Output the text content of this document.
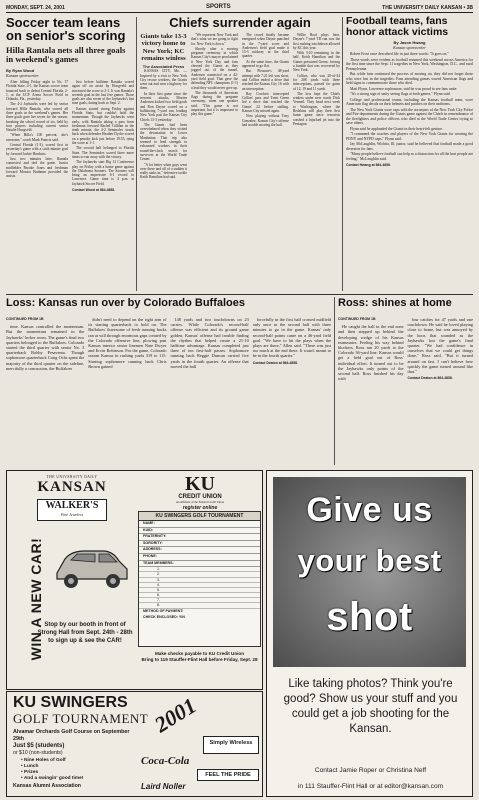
MONDAY, SEPT. 24, 2001	SPORTS	THE UNIVERSITY DAILY KANSAN • 3B
Soccer team leans on senior's scoring
Hilla Rantala nets all three goals in weekend's games
By Ryan Wood
Kansan sportswriter

After falling Friday night to No. 17 Florida State, 4-1, the Kansas soccer team bounced back to defeat Central Florida, 2-1, at the UCF Arena Soccer Field in Orlando, Fla., yesterday.

The 4-2 Jayhawks were led by senior forward Hilla Rantala, who scored all three goals in the weekend's games. Her three goals gave her seven for the season, breaking the school record of six, held by four players including current senior Natalie Hoogveld.

"When Hilla's 100 percent, she's awesome," coach Mark Francis said.

Central Florida (1-3), scored first in yesterday's game with a sixth minute goal by forward Jackie Hawkins.

Just two minutes later, Rantala connected and tied the game. Junior midfielder Brooke Jones and freshman forward Monica Bruhmm provided the assists.

Just before halftime Rantala scored again off an assist by Hoogveld and increased the score to 2-1. It was Rantala's seventh goal in the last five games. Those goals are also seven of the Jayhawks's last nine goals, dating back to Sept. 2.

Kansas started strong Friday against Florida State, but couldn't hold the momentum. Though the Jayhawks went early, with Rantala taking a pass from freshman forward Rachel Gillilan in the tenth minute, the 4-2 Seminoles struck back when defender Heather Dyche scored on a penalty kick just before 19:53, tying the score at 1-1.

The second half belonged to Florida State. The Seminoles scored three more times to run away with the victory.

The Jayhawks start Big 12 Conference play on Friday with a home game against the Oklahoma Sooners. The Sooners will bring an impressive 6-1 record to Lawrence. Game time is 4 p.m. at Jayhawk Soccer Field.

Contact Wood at 864-4858.
Chiefs surrender again
Giants take 13-3 victory home to New York; KC remains winless
The Associated Press

KANSAS CITY, Mo. — Inspired by a visit to New York City rescue workers, the Giants went out and won a highway for them.

In their first game since the terrorist attacks, Morten Andersen kicked two field goals and Ron Dayne scored on a bulldozing 7-yard run, leading New York past the Kansas City Chiefs 13-3 yesterday.

The Giants had been overwhelmed when they visited the devastation in Lower Manhattan. That trip also seemed to lend strength to exhausted workers in their round-the-clock search for survivors at the World Trade Center.

"A lot better when guys went over there and all of a sudden it really sinks in," defensive tackle Keith Hamilton had said.

"We represent New York and that's what we are going to fight for. New York is down."

Shortly after a moving pregame ceremony in which Kansas City's mayor proclaimed it New York Day and fans cheered the Giants as they jogged out of the tunnel, Andersen connected on a 42-yard field goal. That gave the defending NFC champions (1-1) a lead they would never give up.

The thousands of American flags during the pregame ceremony, when one speaker said, "This game is not important, but it is important to play this game."

The crowd finally became energized when Dayne punched in the 7-yard score and Andersen's field goal made it 13-3 midway in the third quarter.

At the same time, the Giants appeared to go flat.

But Pleasure's 48-yard attempt with 7:21 left was short, and Collins ended a drive that reached the Kansas City 16 with an interception.

Ray Crockett intercepted Collins' pass and Trent Green led a drive that reached the Giants' 22 before stalling. Kansas City missed again.

Now playing without Tony Gonzalez, Kansas City's offense had trouble moving the ball.

Willie Roaf plays later, Dayne's 7-yard TD run was the first rushing touchdown allowed by KC this year.

With 3:10 remaining in the half, Keith Hamilton and the Giants pressured Green, forcing a fumble that was recovered by New York.

Collins, who was 20-of-34 for 208 yards with three interceptions, passed for gains of 12, 19 and 11 yards.

The loss kept the Chiefs winless under new coach Dick Vermeil. They head next week to Washington, where the Redskins will play their first home game since terrorists crashed a hijacked jet into the Pentagon.

Football teams, fans honor attack victims
By Jason Hwang
Kansan sportswriter

Robert Frost once described life in just three words: "It goes on."

Those words were evident as football resumed this weekend across America for the first time since the Sept. 11 tragedies in New York, Washington, D.C., and rural Pennsylvania.

But while fans continued the process of moving on, they did not forget those who were lost in the tragedies. Fans attending games waved American flags and held signs to commemorate those who died.

Matt Flynn, Lawrence sophomore, said he was proud to see fans unite.

"It's a strong sign of unity seeing flags at both games," Flynn said.

College and professional teams, including the Kansas football team, wore American flag decals on their helmets and patches on their uniforms.

The New York Giants wore caps with the acronyms of the New York City Police and Fire departments during the Giants game against the Chiefs in remembrance of the firefighters and police officers who died at the World Trade Center trying to save others.

Flynn said he applauded the Giants in their heart-felt gesture.

"I commend the coaches and players of the New York Giants for wearing the FDNY and NYPD caps," Flynn said.

Jay McLaughlin, Wichita, Ill. junior, said he believed that football made a good diversion for fans.

"Many people believe football can help as a distraction for all the hurt people are feeling," McLaughlin said.

Contact Hwang at 864-4858.
Loss: Kansas run over by Colorado Buffaloes
CONTINUED FROM 1B

time. Kansas controlled the momentum. But the momentum remained in the Jayhawks' locker room. The game's final two quarters belonged to the Buffaloes. Colorado started the third quarter with senior No. 3 quarterback Bobby Pesavento. Though sophomore quarterback Craig Ochs spent the majority of the third quarter on the sideline, mercifully a concussion, the Buffaloes

didn't need to depend on the right arm of its starting quarterback to hold on. The Buffaloes' threesome of fresh running backs ran at will through enormous gaps created by the Colorado offensive line, plowing past Kansas interior senior linemen Nate Dwyer and Ervin Robinson. For the game, Colorado outran Kansas in rushing yards 319 to 115. Starting sophomore running back Chris Brown gained

148 yards and two touchdowns on 23 carries. While Colorado's second-half offense was efficient and its ground game golden, Kansas' offense had trouble finding the rhythm that helped create a 21-10 halftime advantage. Kansas completed just three of ten first-half passes. Sophomore running back Reggie Duncan carried five yards in the fourth quarter. An offense that moved the ball

forcefully in the first half crossed midfield only once in the second half with three minutes to go in the game. Kansas' only second-half points came on a 46-yard field goal. "We have to hit the plays when the plays are there," Allen said. "There was just too much at the end there. It wasn't meant to be in the fourth quarter."

Contact Deaton at 864-4858.
Ross: shines at home
CONTINUED FROM 1B

He caught the ball in the end zone and then stepped up behind the developing wedge of his Kansas teammates. Feeling his way behind blockers, Ross ran 20 yards to the Colorado 36-yard line. Kansas would get a field goal out of Ross' individual effort. It turned out to be the Jayhawks only points of the second half. Ross finished his day with

four catches for 47 yards and one touchdown. He said he loved playing close to home, but was annoyed by the boos that sounded as the Jayhawks lost the game's final quarter. "We had confidence in ourselves that we could get things done," Ross said. "But it turned around on fast. I can't believe how quickly the game turned around like that."

Contact Deaton at 864-4858.
THE UNIVERSITY DAILY
KANSAN
WALKER'S
Fine Jewelers
WIN A NEW CAR! Stop by our booth in front of Strong Hall from Sept. 24th - 28th to sign up & see the CAR!
KU
CREDIT UNION
An Affiliate of the Federal Credit Union
register online
KU SWINGERS GOLF TOURNAMENT
NAME:
KUID:
FRATERNITY:
SORORITY:
ADDRESS:
PHONE:
TEAM MEMBERS:
1.
2.
3.
4.
5.
6.
7.
8.
METHOD OF PAYMENT:
CHECK ENCLOSED: Y/N
Make checks payable to KU Credit Union
Bring to 119 Stauffer-Flint Hall before Friday, Sept. 28
KU SWINGERS
GOLF TOURNAMENT 2001
Alvamar Orchards Golf Course on September 29th
Just $5 (students)
or $10 (non-students)
• Nine Holes of Golf
• Lunch
• Prizes
• And a swingin' good time!
Kansas Alumni Association
Simply Wireless
Coca-Cola
FEEL THE PRIDE
Laird Noller
Give us
your best
shot
Like taking photos? Think you're good? Show us your stuff and you could get a job shooting for the Kansan.
Contact Jamie Roper or Christina Neff
in 111 Stauffer-Flint Hall or at editor@kansan.com
